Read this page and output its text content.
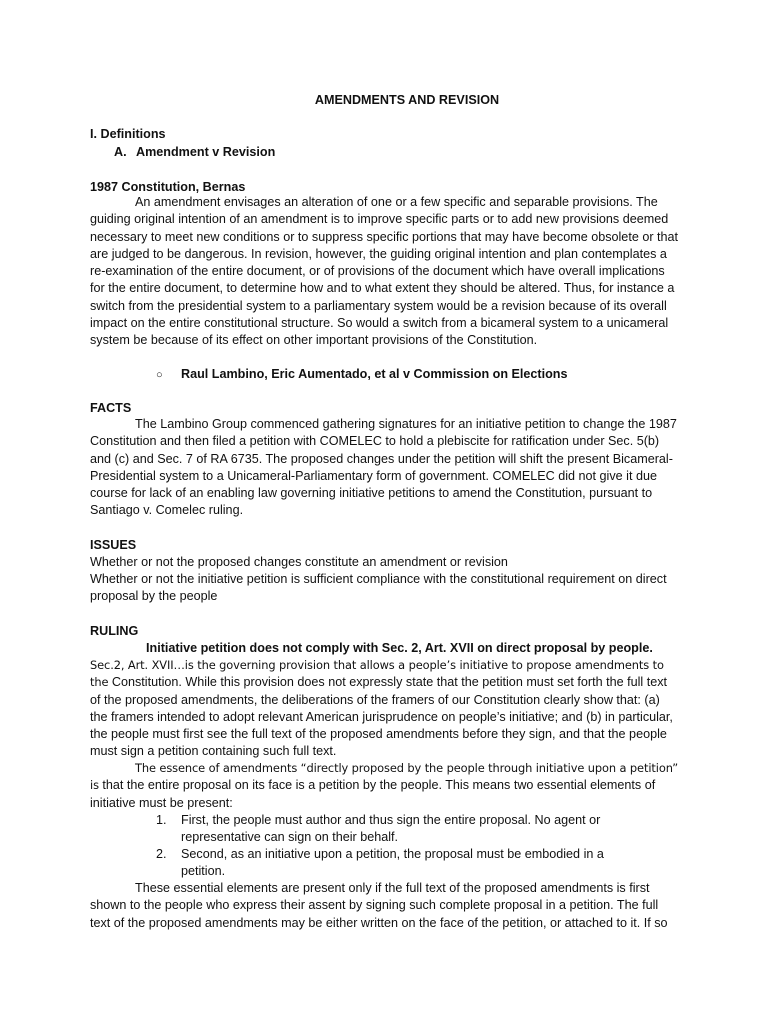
AMENDMENTS AND REVISION
I. Definitions
A. Amendment v Revision
1987 Constitution, Bernas

An amendment envisages an alteration of one or a few specific and separable provisions. The guiding original intention of an amendment is to improve specific parts or to add new provisions deemed necessary to meet new conditions or to suppress specific portions that may have become obsolete or that are judged to be dangerous. In revision, however, the guiding original intention and plan contemplates a re-examination of the entire document, or of provisions of the document which have overall implications for the entire document, to determine how and to what extent they should be altered. Thus, for instance a switch from the presidential system to a parliamentary system would be a revision because of its overall impact on the entire constitutional structure. So would a switch from a bicameral system to a unicameral system be because of its effect on other important provisions of the Constitution.

○ Raul Lambino, Eric Aumentado, et al v Commission on Elections
FACTS

The Lambino Group commenced gathering signatures for an initiative petition to change the 1987 Constitution and then filed a petition with COMELEC to hold a plebiscite for ratification under Sec. 5(b) and (c) and Sec. 7 of RA 6735. The proposed changes under the petition will shift the present Bicameral-Presidential system to a Unicameral-Parliamentary form of government. COMELEC did not give it due course for lack of an enabling law governing initiative petitions to amend the Constitution, pursuant to Santiago v. Comelec ruling.

ISSUES

Whether or not the proposed changes constitute an amendment or revision

Whether or not the initiative petition is sufficient compliance with the constitutional requirement on direct proposal by the people

RULING
Initiative petition does not comply with Sec. 2, Art. XVII on direct proposal by people.

Sec.2, Art. XVII…is the governing provision that allows a people’s initiative to propose amendments to the Constitution. While this provision does not expressly state that the petition must set forth the full text of the proposed amendments, the deliberations of the framers of our Constitution clearly show that: (a) the framers intended to adopt relevant American jurisprudence on people’s initiative; and (b) in particular, the people must first see the full text of the proposed amendments before they sign, and that the people must sign a petition containing such full text.

The essence of amendments “directly proposed by the people through initiative upon a petition” is that the entire proposal on its face is a petition by the people. This means two essential elements of initiative must be present:

1. First, the people must author and thus sign the entire proposal. No agent or representative can sign on their behalf.
2. Second, as an initiative upon a petition, the proposal must be embodied in a petition.

These essential elements are present only if the full text of the proposed amendments is first shown to the people who express their assent by signing such complete proposal in a petition. The full text of the proposed amendments may be either written on the face of the petition, or attached to it. If so
